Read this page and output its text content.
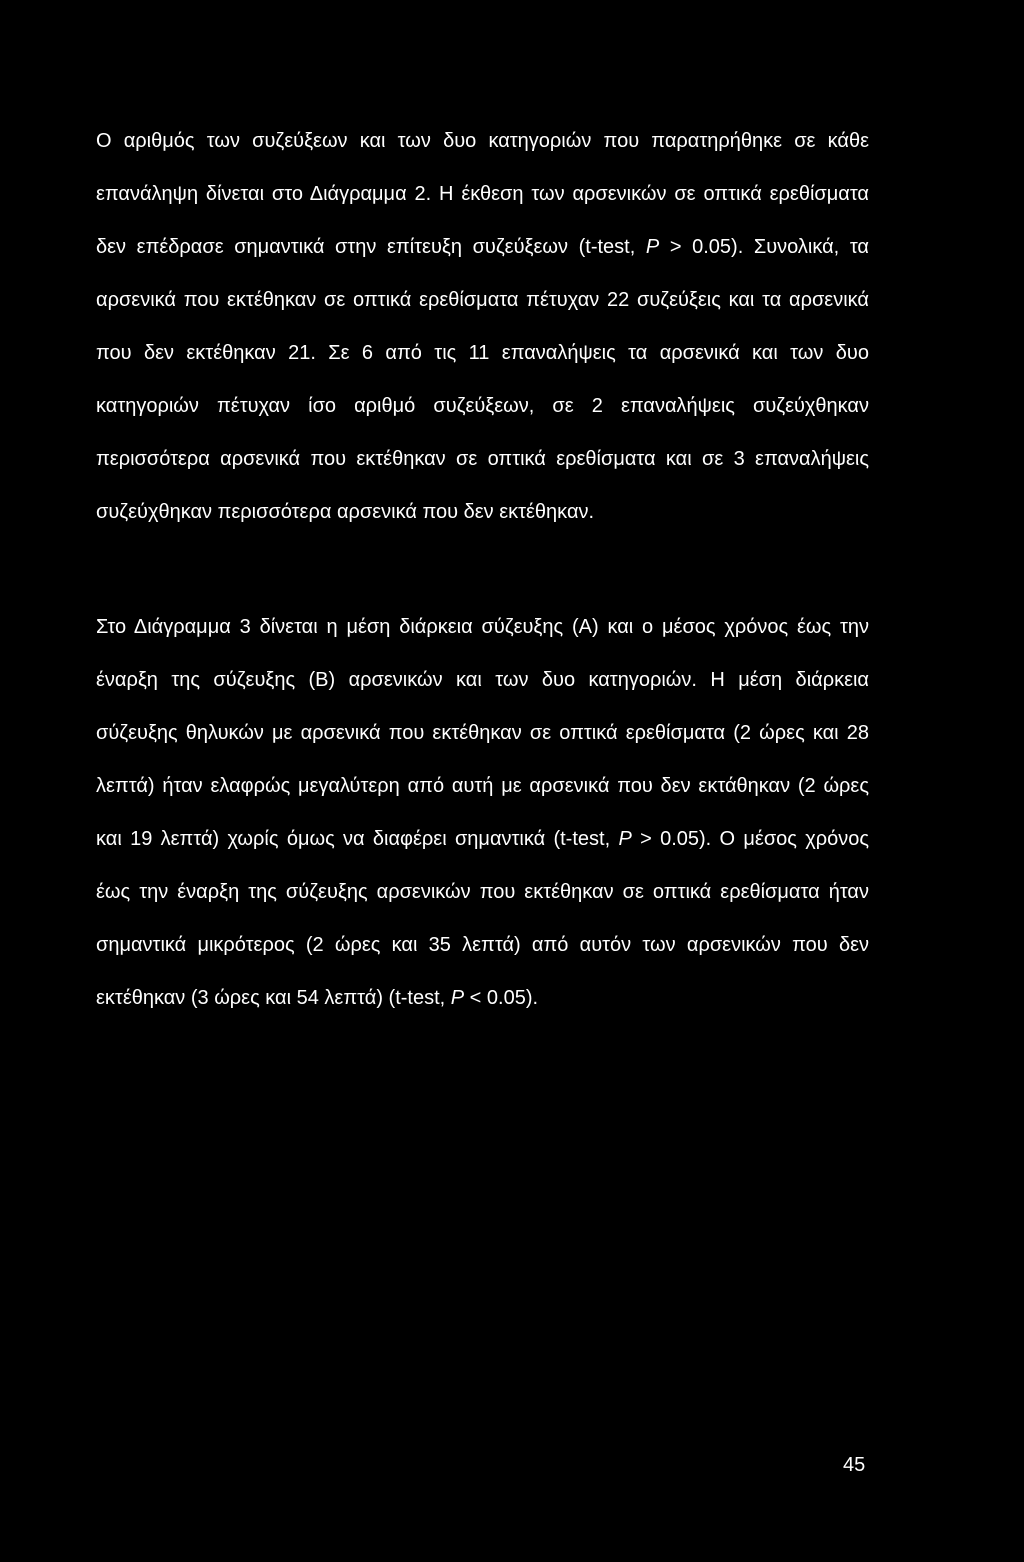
Ο αριθμός των συζεύξεων και των δυο κατηγοριών που παρατηρήθηκε σε κάθε επανάληψη δίνεται στο Διάγραμμα 2. Η έκθεση των αρσενικών σε οπτικά ερεθίσματα δεν επέδρασε σημαντικά στην επίτευξη συζεύξεων (t-test, P > 0.05). Συνολικά, τα αρσενικά που εκτέθηκαν σε οπτικά ερεθίσματα πέτυχαν 22 συζεύξεις και τα αρσενικά που δεν εκτέθηκαν 21. Σε 6 από τις 11 επαναλήψεις τα αρσενικά και των δυο κατηγοριών πέτυχαν ίσο αριθμό συζεύξεων, σε 2 επαναλήψεις συζεύχθηκαν περισσότερα αρσενικά που εκτέθηκαν σε οπτικά ερεθίσματα και σε 3 επαναλήψεις συζεύχθηκαν περισσότερα αρσενικά που δεν εκτέθηκαν.

Στο Διάγραμμα 3 δίνεται η μέση διάρκεια σύζευξης (Α) και ο μέσος χρόνος έως την έναρξη της σύζευξης (Β) αρσενικών και των δυο κατηγοριών. Η μέση διάρκεια σύζευξης θηλυκών με αρσενικά που εκτέθηκαν σε οπτικά ερεθίσματα (2 ώρες και 28 λεπτά) ήταν ελαφρώς μεγαλύτερη από αυτή με αρσενικά που δεν εκτάθηκαν (2 ώρες και 19 λεπτά) χωρίς όμως να διαφέρει σημαντικά (t-test, P > 0.05). Ο μέσος χρόνος έως την έναρξη της σύζευξης αρσενικών που εκτέθηκαν σε οπτικά ερεθίσματα ήταν σημαντικά μικρότερος (2 ώρες και 35 λεπτά) από αυτόν των αρσενικών που δεν εκτέθηκαν (3 ώρες και 54 λεπτά) (t-test, P < 0.05).

45
